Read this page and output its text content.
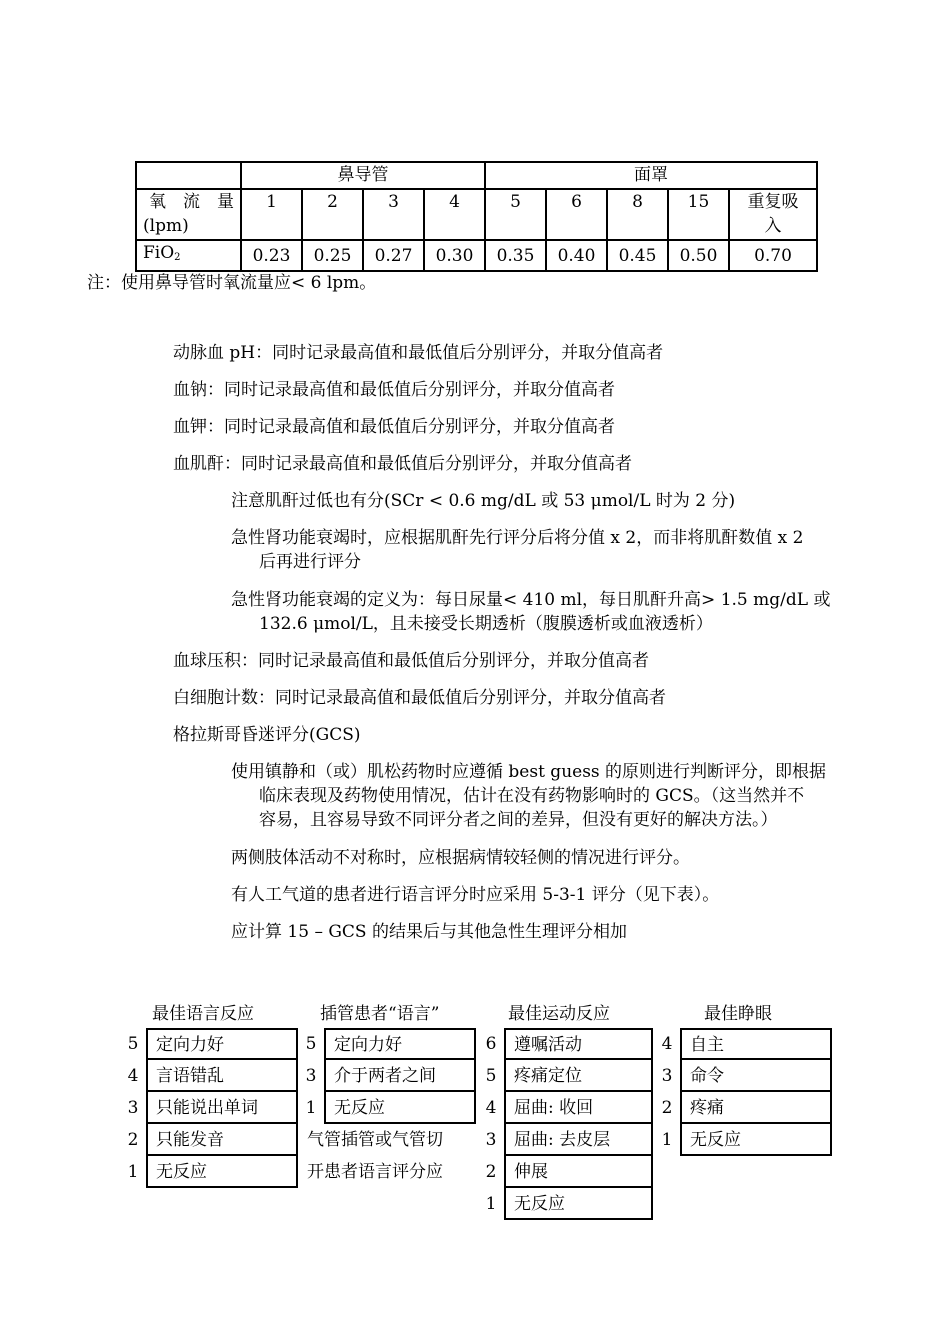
	鼻导管				面罩				

氧　流　量
(lpm)	1	2	3	4	5	6	8	15	重复吸入
FiO$_2$	0.23	0.25	0.27	0.30	0.35	0.40	0.45	0.50	0.70
注：使用鼻导管时氧流量应< 6 lpm。
动脉血 pH：同时记录最高值和最低值后分别评分，并取分值高者
血钠：同时记录最高值和最低值后分别评分，并取分值高者
血钾：同时记录最高值和最低值后分别评分，并取分值高者
血肌酐：同时记录最高值和最低值后分别评分，并取分值高者
注意肌酐过低也有分(SCr < 0.6 mg/dL 或 53 μmol/L 时为 2 分)
急性肾功能衰竭时，应根据肌酐先行评分后将分值 x 2，而非将肌酐数值 x 2
后再进行评分
急性肾功能衰竭的定义为：每日尿量< 410 ml，每日肌酐升高> 1.5 mg/dL 或
132.6 μmol/L，且未接受长期透析（腹膜透析或血液透析）
血球压积：同时记录最高值和最低值后分别评分，并取分值高者
白细胞计数：同时记录最高值和最低值后分别评分，并取分值高者
格拉斯哥昏迷评分(GCS)
使用镇静和（或）肌松药物时应遵循 best guess 的原则进行判断评分，即根据
临床表现及药物使用情况，估计在没有药物影响时的 GCS。（这当然并不
容易，且容易导致不同评分者之间的差异，但没有更好的解决方法。）
两侧肢体活动不对称时，应根据病情较轻侧的情况进行评分。
有人工气道的患者进行语言评分时应采用 5-3-1 评分（见下表）。
应计算 15 – GCS 的结果后与其他急性生理评分相加
最佳语言反应	插管患者“语言”	最佳运动反应	最佳睁眼
5	定向力好
4	言语错乱
3	只能说出单词
2	只能发音
1	无反应
5	定向力好
3	介于两者之间
1	无反应
气管插管或气管切
开患者语言评分应
6	遵嘱活动
5	疼痛定位
4	屈曲: 收回
3	屈曲: 去皮层
2	伸展
1	无反应
4	自主
3	命令
2	疼痛
1	无反应
